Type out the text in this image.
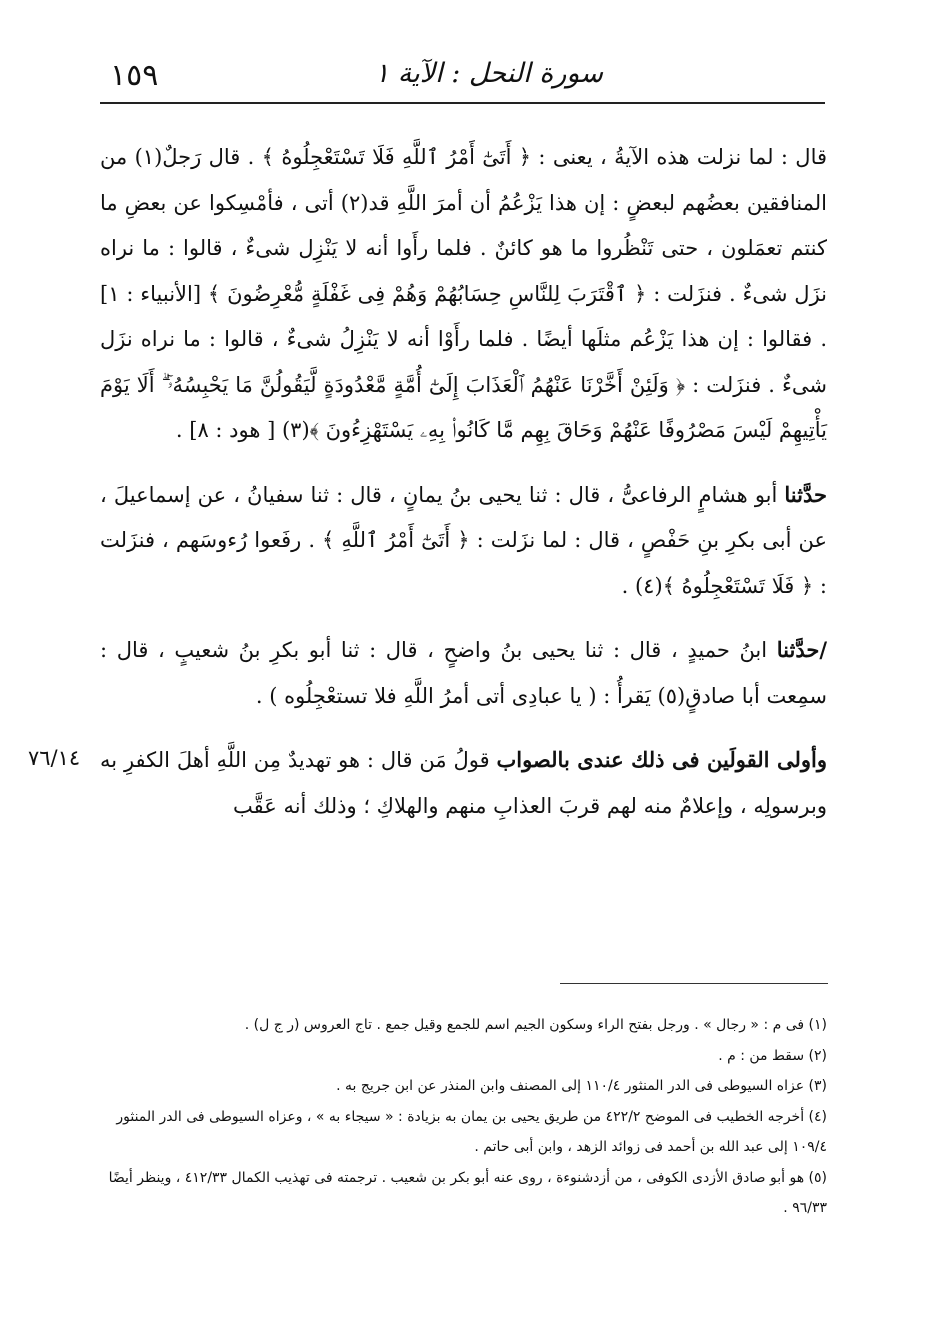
١٥٩	سورة النحل : الآية ١

قال : لما نزلت هذه الآيةُ ، يعنى : ﴿ أَتَىٰٓ أَمْرُ ٱللَّهِ فَلَا تَسْتَعْجِلُوهُ ﴾ . قال رَجلٌ(١) من المنافقين بعضُهم لبعضٍ : إن هذا يَزْعُمُ أن أمرَ اللَّهِ قد(٢) أتى ، فأمْسِكوا عن بعضِ ما كنتم تعمَلون ، حتى تَنْظُروا ما هو كائنٌ . فلما رأَوا أنه لا يَنْزِل شىءٌ ، قالوا : ما نراه نزَل شىءٌ . فنزَلت : ﴿ ٱقْتَرَبَ لِلنَّاسِ حِسَابُهُمْ وَهُمْ فِى غَفْلَةٍ مُّعْرِضُونَ ﴾ [الأنبياء : ١] . فقالوا : إن هذا يَزْعُم مثلَها أيضًا . فلما رأَوْا أنه لا يَنْزِلُ شىءٌ ، قالوا : ما نراه نزَل شىءٌ . فنزَلت : ﴿ وَلَئِنْ أَخَّرْنَا عَنْهُمُ ٱلْعَذَابَ إِلَىٰٓ أُمَّةٍ مَّعْدُودَةٍ لَّيَقُولُنَّ مَا يَحْبِسُهُۥٓ ۗ أَلَا يَوْمَ يَأْتِيهِمْ لَيْسَ مَصْرُوفًا عَنْهُمْ وَحَاقَ بِهِم مَّا كَانُوا۟ بِهِۦ يَسْتَهْزِءُونَ ﴾(٣) [ هود : ٨] .

حدَّثنا أبو هشامٍ الرفاعىُّ ، قال : ثنا يحيى بنُ يمانٍ ، قال : ثنا سفيانُ ، عن إسماعيلَ ، عن أبى بكرِ بنِ حَفْصٍ ، قال : لما نزَلت : ﴿ أَتَىٰٓ أَمْرُ ٱللَّهِ ﴾ . رفَعوا رُءوسَهم ، فنزَلت : ﴿ فَلَا تَسْتَعْجِلُوهُ ﴾(٤) .

/حدَّثنا ابنُ حميدٍ ، قال : ثنا يحيى بنُ واضحٍ ، قال : ثنا أبو بكرِ بنُ شعيبٍ ، قال : سمِعت أبا صادقٍ(٥) يَقرأُ : ( يا عبادِى أتى أمرُ اللَّهِ فلا تستعْجِلُوه ) .

وأولى القولَين فى ذلك عندى بالصواب قولُ مَن قال : هو تهديدٌ مِن اللَّهِ أهلَ الكفرِ به وبرسولِه ، وإعلامٌ منه لهم قربَ العذابِ منهم والهلاكِ ؛ وذلك أنه عَقَّب

٧٦/١٤

(١) فى م : « رجال » . ورجل بفتح الراء وسكون الجيم اسم للجمع وقيل جمع . تاج العروس (ر ج ل) .

(٢) سقط من : م .

(٣) عزاه السيوطى فى الدر المنثور ١١٠/٤ إلى المصنف وابن المنذر عن ابن جريج به .

(٤) أخرجه الخطيب فى الموضح ٤٢٢/٢ من طريق يحيى بن يمان به بزيادة : « سيجاء به » ، وعزاه السيوطى فى الدر المنثور ١٠٩/٤ إلى عبد الله بن أحمد فى زوائد الزهد ، وابن أبى حاتم .

(٥) هو أبو صادق الأزدى الكوفى ، من أزدشنوءة ، روى عنه أبو بكر بن شعيب . ترجمته فى تهذيب الكمال ٤١٢/٣٣ ، وينظر أيضًا ٩٦/٣٣ .
